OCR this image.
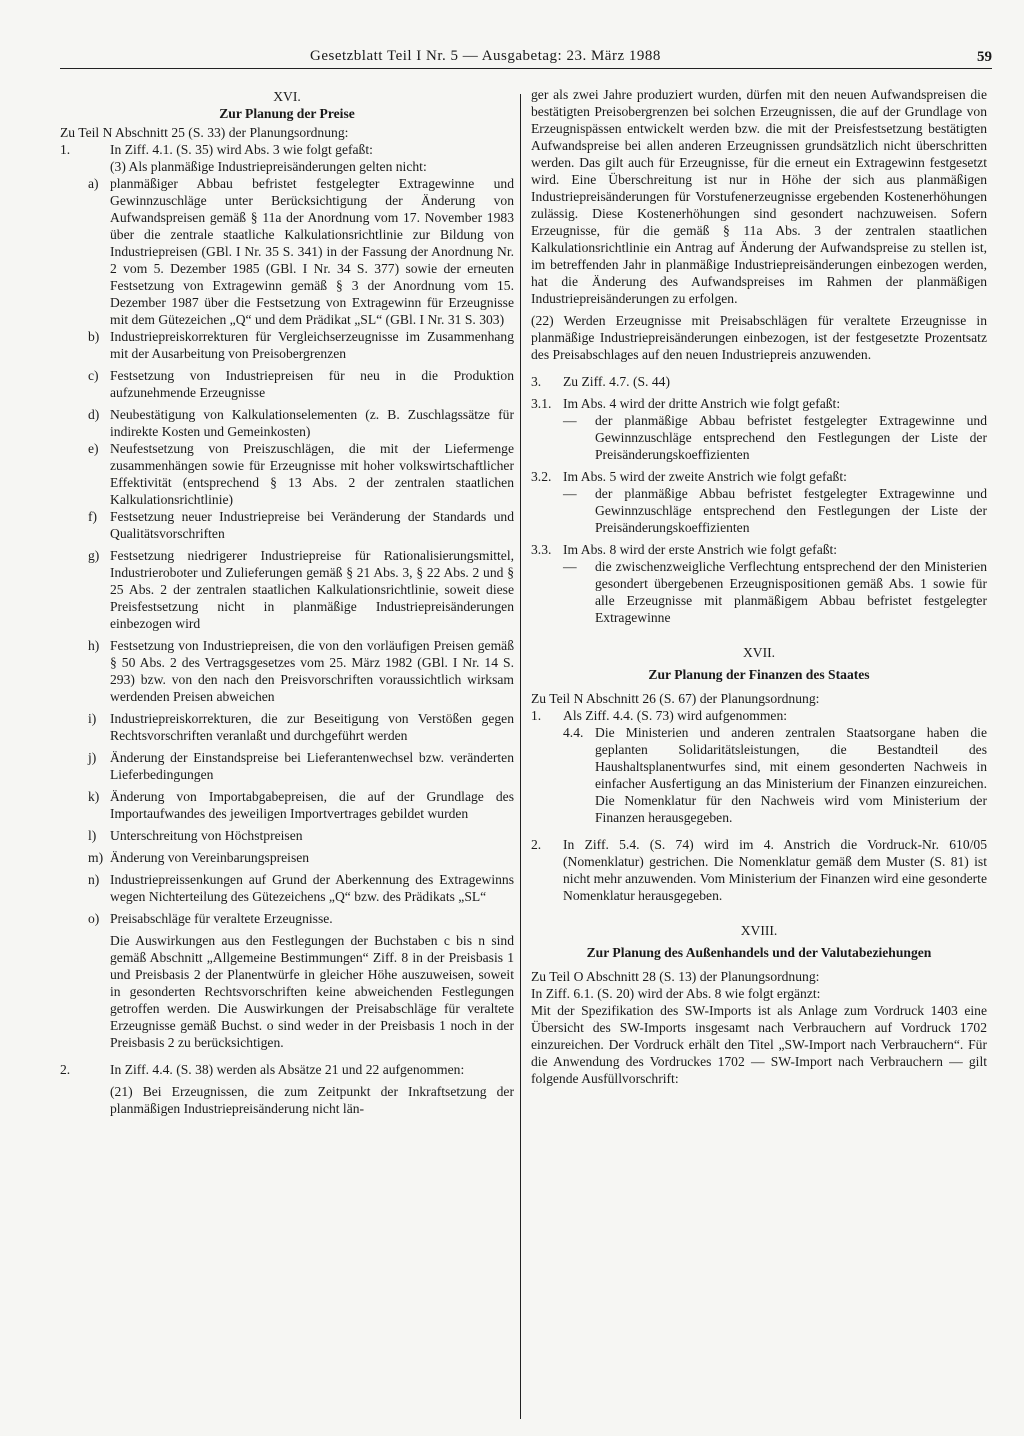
Gesetzblatt Teil I Nr. 5 — Ausgabetag: 23. März 1988	59
XVI.
Zur Planung der Preise
Zu Teil N Abschnitt 25 (S. 33) der Planungsordnung:
1.	In Ziff. 4.1. (S. 35) wird Abs. 3 wie folgt gefaßt:
(3) Als planmäßige Industriepreisänderungen gelten nicht:
a) planmäßiger Abbau befristet festgelegter Extragewinne und Gewinnzuschläge unter Berücksichtigung der Änderung von Aufwandspreisen gemäß § 11a der Anordnung vom 17. November 1983 über die zentrale staatliche Kalkulationsrichtlinie zur Bildung von Industriepreisen (GBl. I Nr. 35 S. 341) in der Fassung der Anordnung Nr. 2 vom 5. Dezember 1985 (GBl. I Nr. 34 S. 377) sowie der erneuten Festsetzung von Extragewinn gemäß § 3 der Anordnung vom 15. Dezember 1987 über die Festsetzung von Extragewinn für Erzeugnisse mit dem Gütezeichen „Q“ und dem Prädikat „SL“ (GBl. I Nr. 31 S. 303)
b) Industriepreiskorrekturen für Vergleichserzeugnisse im Zusammenhang mit der Ausarbeitung von Preisobergrenzen
c) Festsetzung von Industriepreisen für neu in die Produktion aufzunehmende Erzeugnisse
d) Neubestätigung von Kalkulationselementen (z. B. Zuschlagssätze für indirekte Kosten und Gemeinkosten)
e) Neufestsetzung von Preiszuschlägen, die mit der Liefermenge zusammenhängen sowie für Erzeugnisse mit hoher volkswirtschaftlicher Effektivität (entsprechend § 13 Abs. 2 der zentralen staatlichen Kalkulationsrichtlinie)
f) Festsetzung neuer Industriepreise bei Veränderung der Standards und Qualitätsvorschriften
g) Festsetzung niedrigerer Industriepreise für Rationalisierungsmittel, Industrieroboter und Zulieferungen gemäß § 21 Abs. 3, § 22 Abs. 2 und § 25 Abs. 2 der zentralen staatlichen Kalkulationsrichtlinie, soweit diese Preisfestsetzung nicht in planmäßige Industriepreisänderungen einbezogen wird
h) Festsetzung von Industriepreisen, die von den vorläufigen Preisen gemäß § 50 Abs. 2 des Vertragsgesetzes vom 25. März 1982 (GBl. I Nr. 14 S. 293) bzw. von den nach den Preisvorschriften voraussichtlich wirksam werdenden Preisen abweichen
i) Industriepreiskorrekturen, die zur Beseitigung von Verstößen gegen Rechtsvorschriften veranlaßt und durchgeführt werden
j) Änderung der Einstandspreise bei Lieferantenwechsel bzw. veränderten Lieferbedingungen
k) Änderung von Importabgabepreisen, die auf der Grundlage des Importaufwandes des jeweiligen Importvertrages gebildet wurden
l) Unterschreitung von Höchstpreisen
m) Änderung von Vereinbarungspreisen
n) Industriepreissenkungen auf Grund der Aberkennung des Extragewinns wegen Nichterteilung des Gütezeichens „Q“ bzw. des Prädikats „SL“
o) Preisabschläge für veraltete Erzeugnisse.
Die Auswirkungen aus den Festlegungen der Buchstaben c bis n sind gemäß Abschnitt „Allgemeine Bestimmungen“ Ziff. 8 in der Preisbasis 1 und Preisbasis 2 der Planentwürfe in gleicher Höhe auszuweisen, soweit in gesonderten Rechtsvorschriften keine abweichenden Festlegungen getroffen werden. Die Auswirkungen der Preisabschläge für veraltete Erzeugnisse gemäß Buchst. o sind weder in der Preisbasis 1 noch in der Preisbasis 2 zu berücksichtigen.
2.	In Ziff. 4.4. (S. 38) werden als Absätze 21 und 22 aufgenommen:
(21) Bei Erzeugnissen, die zum Zeitpunkt der Inkraftsetzung der planmäßigen Industriepreisänderung nicht län-
ger als zwei Jahre produziert wurden, dürfen mit den neuen Aufwandspreisen die bestätigten Preisobergrenzen bei solchen Erzeugnissen, die auf der Grundlage von Erzeugnispässen entwickelt werden bzw. die mit der Preisfestsetzung bestätigten Aufwandspreise bei allen anderen Erzeugnissen grundsätzlich nicht überschritten werden. Das gilt auch für Erzeugnisse, für die erneut ein Extragewinn festgesetzt wird. Eine Überschreitung ist nur in Höhe der sich aus planmäßigen Industriepreisänderungen für Vorstufenerzeugnisse ergebenden Kostenerhöhungen zulässig. Diese Kostenerhöhungen sind gesondert nachzuweisen. Sofern Erzeugnisse, für die gemäß § 11a Abs. 3 der zentralen staatlichen Kalkulationsrichtlinie ein Antrag auf Änderung der Aufwandspreise zu stellen ist, im betreffenden Jahr in planmäßige Industriepreisänderungen einbezogen werden, hat die Änderung des Aufwandspreises im Rahmen der planmäßigen Industriepreisänderungen zu erfolgen.
(22) Werden Erzeugnisse mit Preisabschlägen für veraltete Erzeugnisse in planmäßige Industriepreisänderungen einbezogen, ist der festgesetzte Prozentsatz des Preisabschlages auf den neuen Industriepreis anzuwenden.
3. Zu Ziff. 4.7. (S. 44)
3.1. Im Abs. 4 wird der dritte Anstrich wie folgt gefaßt:
— der planmäßige Abbau befristet festgelegter Extragewinne und Gewinnzuschläge entsprechend den Festlegungen der Liste der Preisänderungskoeffizienten
3.2. Im Abs. 5 wird der zweite Anstrich wie folgt gefaßt:
— der planmäßige Abbau befristet festgelegter Extragewinne und Gewinnzuschläge entsprechend den Festlegungen der Liste der Preisänderungskoeffizienten
3.3. Im Abs. 8 wird der erste Anstrich wie folgt gefaßt:
— die zwischenzweigliche Verflechtung entsprechend der den Ministerien gesondert übergebenen Erzeugnispositionen gemäß Abs. 1 sowie für alle Erzeugnisse mit planmäßigem Abbau befristet festgelegter Extragewinne
XVII.
Zur Planung der Finanzen des Staates
Zu Teil N Abschnitt 26 (S. 67) der Planungsordnung:
1. Als Ziff. 4.4. (S. 73) wird aufgenommen:
4.4. Die Ministerien und anderen zentralen Staatsorgane haben die geplanten Solidaritätsleistungen, die Bestandteil des Haushaltsplanentwurfes sind, mit einem gesonderten Nachweis in einfacher Ausfertigung an das Ministerium der Finanzen einzureichen. Die Nomenklatur für den Nachweis wird vom Ministerium der Finanzen herausgegeben.
2. In Ziff. 5.4. (S. 74) wird im 4. Anstrich die Vordruck-Nr. 610/05 (Nomenklatur) gestrichen. Die Nomenklatur gemäß dem Muster (S. 81) ist nicht mehr anzuwenden. Vom Ministerium der Finanzen wird eine gesonderte Nomenklatur herausgegeben.
XVIII.
Zur Planung des Außenhandels und der Valutabeziehungen
Zu Teil O Abschnitt 28 (S. 13) der Planungsordnung:
In Ziff. 6.1. (S. 20) wird der Abs. 8 wie folgt ergänzt:
Mit der Spezifikation des SW-Imports ist als Anlage zum Vordruck 1403 eine Übersicht des SW-Imports insgesamt nach Verbrauchern auf Vordruck 1702 einzureichen. Der Vordruck erhält den Titel „SW-Import nach Verbrauchern“. Für die Anwendung des Vordruckes 1702 — SW-Import nach Verbrauchern — gilt folgende Ausfüllvorschrift:
